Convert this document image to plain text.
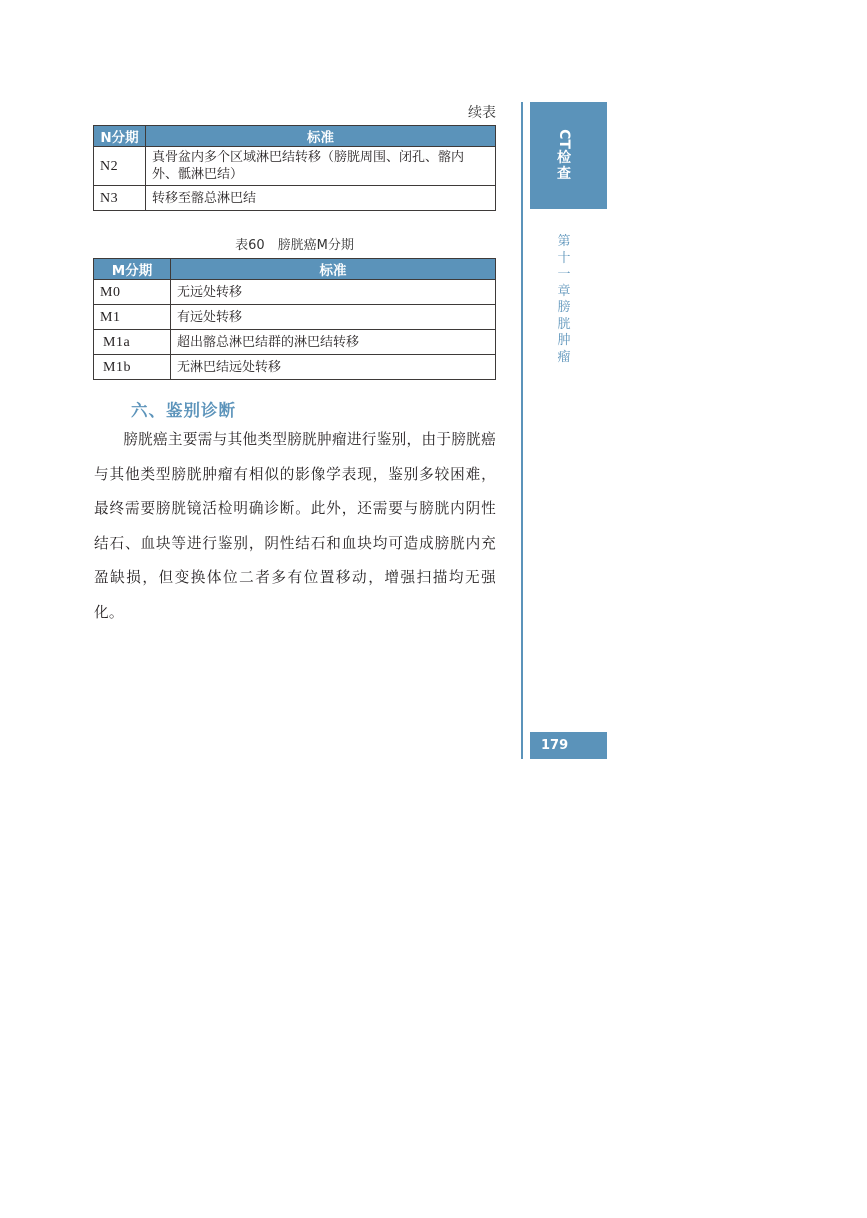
续表
N分期	标准
N2	真骨盆内多个区域淋巴结转移（膀胱周围、闭孔、髂内外、骶淋巴结）
N3	转移至髂总淋巴结
表60　膀胱癌M分期
M分期	标准
M0	无远处转移
M1	有远处转移
M1a	超出髂总淋巴结群的淋巴结转移
M1b	无淋巴结远处转移
六、鉴别诊断

膀胱癌主要需与其他类型膀胱肿瘤进行鉴别，由于膀胱癌与其他类型膀胱肿瘤有相似的影像学表现，鉴别多较困难，最终需要膀胱镜活检明确诊断。此外，还需要与膀胱内阴性结石、血块等进行鉴别，阴性结石和血块均可造成膀胱内充盈缺损，但变换体位二者多有位置移动，增强扫描均无强化。

CT
检查
第十一章　膀胱肿瘤
179
